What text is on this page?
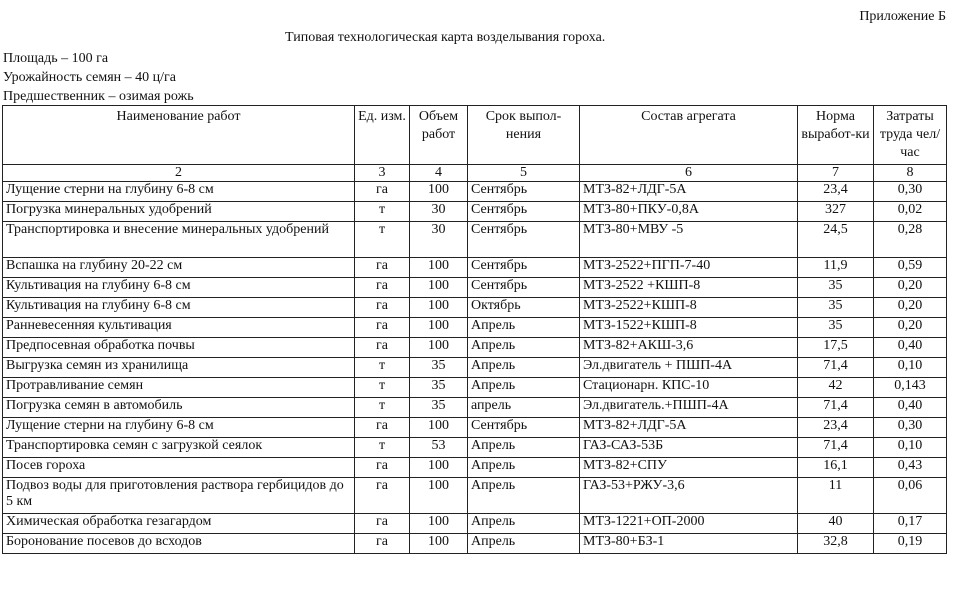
Приложение Б
Типовая технологическая карта возделывания гороха.
Площадь – 100 га
Урожайность семян – 40 ц/га
Предшественник – озимая рожь
Наименование работ	Ед. изм.	Объем работ	Срок выпол-нения	Состав агрегата	Норма выработ-ки	Затраты труда чел/час
2	3	4	5	6	7	8
Лущение стерни на глубину 6-8 см	га	100	Сентябрь	МТЗ-82+ЛДГ-5А	23,4	0,30
Погрузка минеральных удобрений	т	30	Сентябрь	МТЗ-80+ПКУ-0,8А	327	0,02
Транспортировка и внесение минеральных удобрений	т	30	Сентябрь	МТЗ-80+МВУ -5	24,5	0,28
Вспашка на глубину 20-22 см	га	100	Сентябрь	МТЗ-2522+ПГП-7-40	11,9	0,59
Культивация на глубину 6-8 см	га	100	Сентябрь	МТЗ-2522 +КШП-8	35	0,20
Культивация на глубину 6-8 см	га	100	Октябрь	МТЗ-2522+КШП-8	35	0,20
Ранневесенняя культивация	га	100	Апрель	МТЗ-1522+КШП-8	35	0,20
Предпосевная обработка почвы	га	100	Апрель	МТЗ-82+АКШ-3,6	17,5	0,40
Выгрузка семян из хранилища	т	35	Апрель	Эл.двигатель + ПШП-4А	71,4	0,10
Протравливание семян	т	35	Апрель	Стационарн. КПС-10	42	0,143
Погрузка семян в автомобиль	т	35	апрель	Эл.двигатель.+ПШП-4А	71,4	0,40
Лущение стерни на глубину 6-8 см	га	100	Сентябрь	МТЗ-82+ЛДГ-5А	23,4	0,30
Транспортировка семян с загрузкой сеялок	т	53	Апрель	ГАЗ-САЗ-53Б	71,4	0,10
Посев гороха	га	100	Апрель	МТЗ-82+СПУ	16,1	0,43
Подвоз воды для приготовления раствора гербицидов до 5 км	га	100	Апрель	ГАЗ-53+РЖУ-3,6	11	0,06
Химическая обработка гезагардом	га	100	Апрель	МТЗ-1221+ОП-2000	40	0,17
Боронование посевов до всходов	га	100	Апрель	МТЗ-80+БЗ-1	32,8	0,19
